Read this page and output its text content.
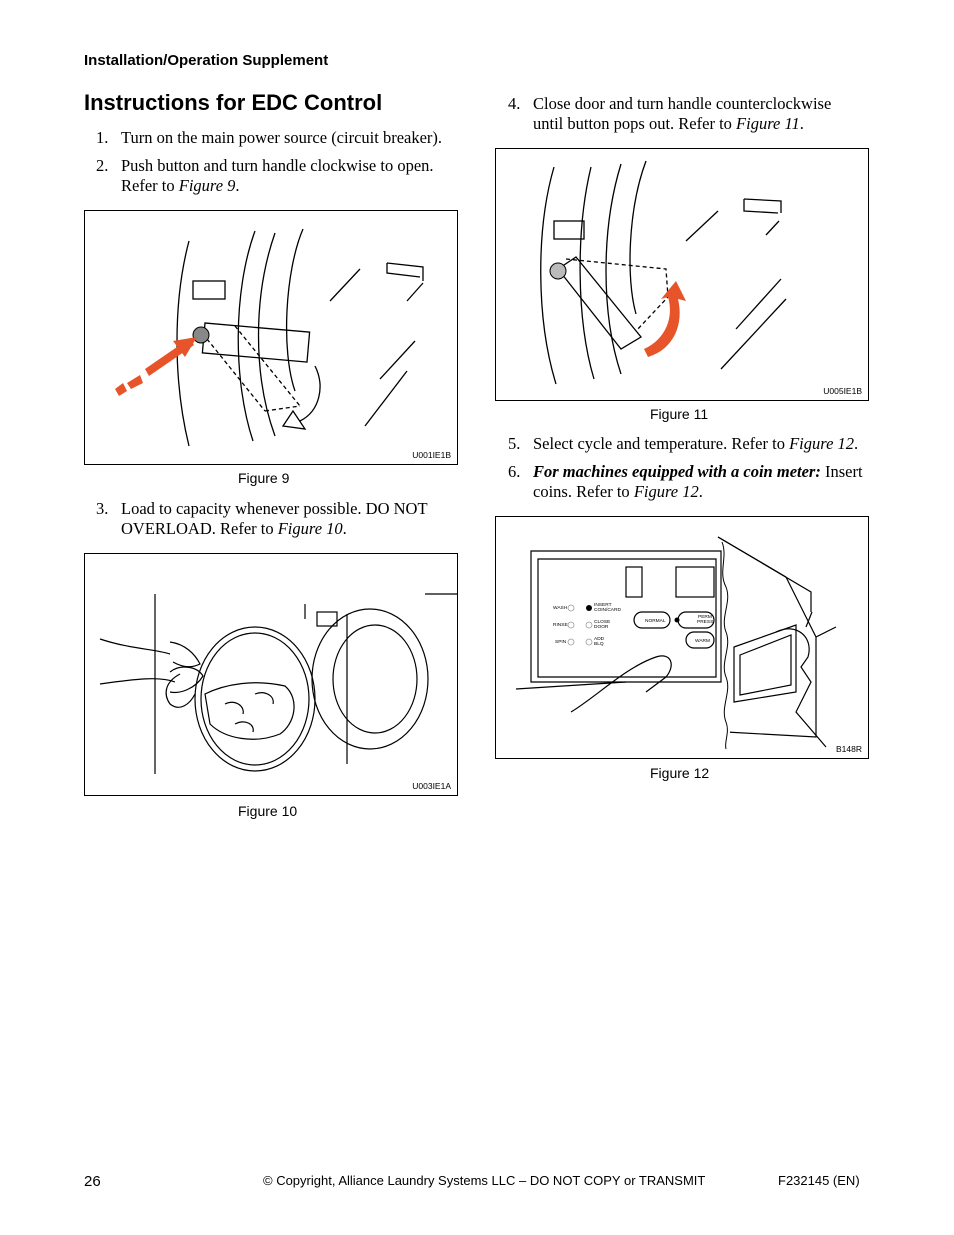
Installation/Operation Supplement
Instructions for EDC Control
1. Turn on the main power source (circuit breaker).
2. Push button and turn handle clockwise to open.
Refer to Figure 9.
U001IE1B
Figure 9
3. Load to capacity whenever possible. DO NOT
OVERLOAD. Refer to Figure 10.
U003IE1A
Figure 10
4. Close door and turn handle counterclockwise
until button pops out. Refer to Figure 11.
U005IE1B
Figure 11
5. Select cycle and temperature. Refer to Figure 12.
6. For machines equipped with a coin meter: Insert
coins. Refer to Figure 12.
WASH
RINSE
SPIN
INSERT
COIN/CARD
CLOSE
DOOR
ADD
BLQ
NORMAL
PERM
PRESS
WARM
B148R
Figure 12
26	© Copyright, Alliance Laundry Systems LLC – DO NOT COPY or TRANSMIT	F232145 (EN)
